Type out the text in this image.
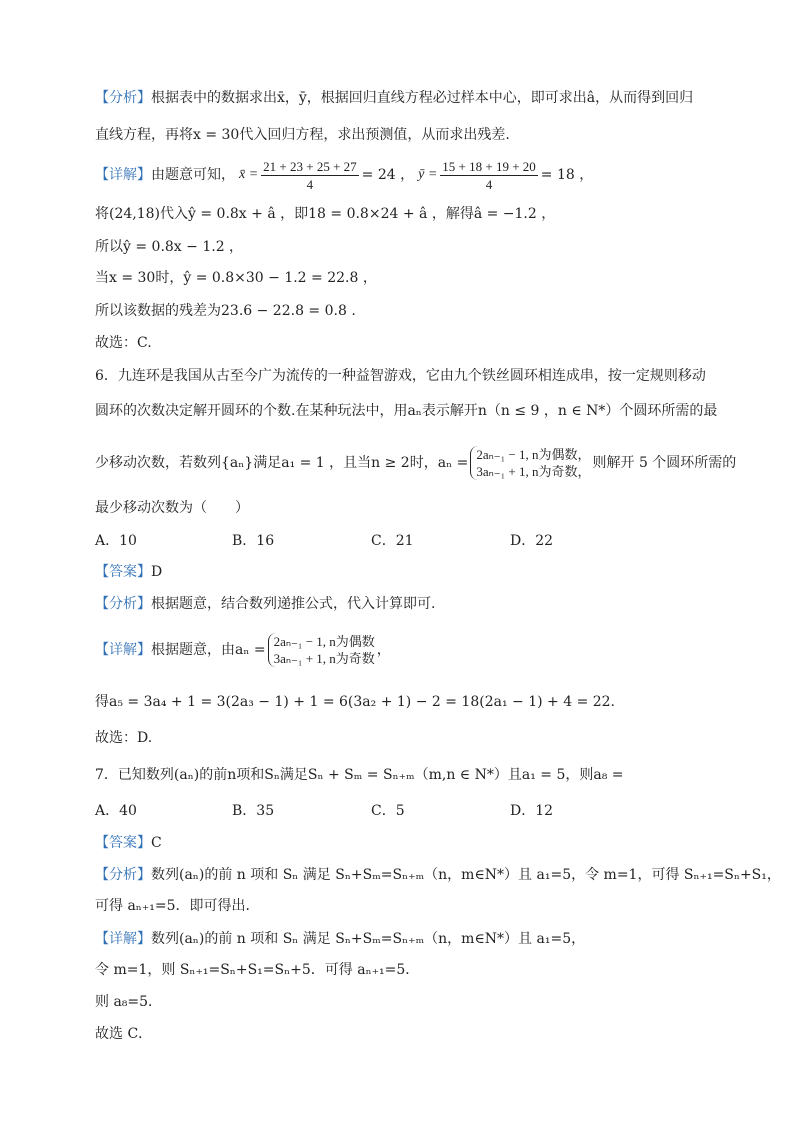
【分析】根据表中的数据求出x̄，ȳ，根据回归直线方程必过样本中心，即可求出â，从而得到回归
直线方程，再将x = 30代入回归方程，求出预测值，从而求出残差.
【详解】 由题意可知， x̄ = $\frac{21 + 23 + 25 + 27}{4} = 24$ ， ȳ = $\frac{15 + 18 + 19 + 20}{4} = 18$ ，
将(24,18)代入ŷ = 0.8x + â ，即18 = 0.8×24 + â ，解得â = −1.2 ，
所以ŷ = 0.8x − 1.2 ，
当x = 30时，ŷ = 0.8×30 − 1.2 = 22.8 ，
所以该数据的残差为23.6 − 22.8 = 0.8 .
故选：C.
6．九连环是我国从古至今广为流传的一种益智游戏，它由九个铁丝圆环相连成串，按一定规则移动
圆环的次数决定解开圆环的个数.在某种玩法中，用aₙ表示解开n（n ≤ 9 ，n ∈ N*）个圆环所需的最
少移动次数，若数列{aₙ}满足a₁ = 1 ，且当n ≥ 2时，aₙ =
2aₙ₋₁ − 1, n为偶数，
3aₙ₋₁ + 1, n为奇数，
则解开 5 个圆环所需的
最少移动次数为（　　）
A．10	B．16	C．21	D．22
【答案】D
【分析】根据题意，结合数列递推公式，代入计算即可.
【详解】 根据题意，由aₙ =
2aₙ₋₁ − 1, n为偶数
3aₙ₋₁ + 1, n为奇数
，
得a₅ = 3a₄ + 1 = 3(2a₃ − 1) + 1 = 6(3a₂ + 1) − 2 = 18(2a₁ − 1) + 4 = 22.
故选：D.
7．已知数列(aₙ)的前n项和Sₙ满足Sₙ + Sₘ = Sₙ₊ₘ（m,n ∈ N*）且a₁ = 5，则a₈ =
A．40	B．35	C．5	D．12
【答案】C
【分析】数列(aₙ)的前 n 项和 Sₙ 满足 Sₙ+Sₘ=Sₙ₊ₘ（n，m∈N*）且 a₁=5，令 m=1，可得 Sₙ₊₁=Sₙ+S₁，
可得 aₙ₊₁=5．即可得出．
【详解】数列(aₙ)的前 n 项和 Sₙ 满足 Sₙ+Sₘ=Sₙ₊ₘ（n，m∈N*）且 a₁=5，
令 m=1，则 Sₙ₊₁=Sₙ+S₁=Sₙ+5．可得 aₙ₊₁=5．
则 a₈=5．
故选 C．
